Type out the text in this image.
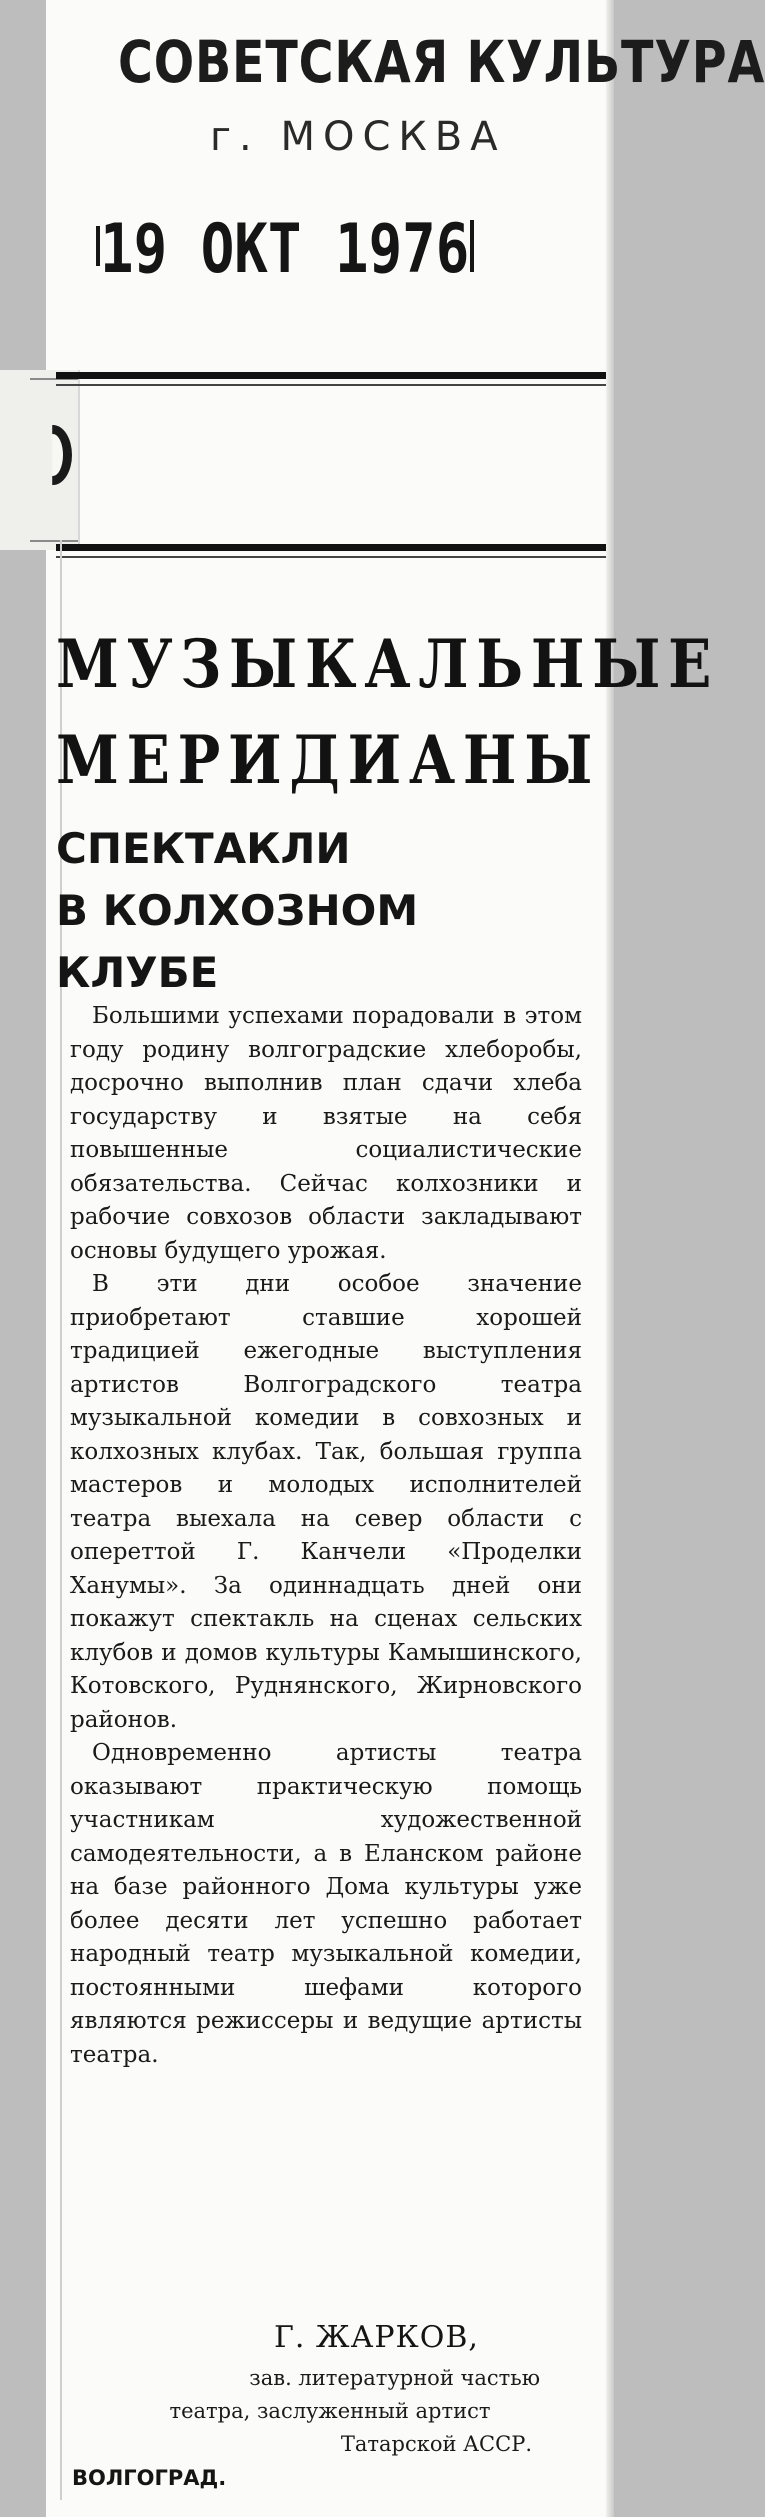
СОВЕТСКАЯ КУЛЬТУРА
г. МОСКВА
19 ОКТ 1976
МУЗЫКАЛЬНЫЕ
МЕРИДИАНЫ
СПЕКТАКЛИ
В КОЛХОЗНОМ
КЛУБЕ

Большими успехами порадовали в этом году родину волгоградские хлеборобы, досрочно выполнив план сдачи хлеба государству и взятые на себя повышенные социалистические обязательства. Сейчас колхозники и рабочие совхозов области закладывают основы будущего урожая.

В эти дни особое значение приобретают ставшие хорошей традицией ежегодные выступления артистов Волгоградского театра музыкальной комедии в совхозных и колхозных клубах. Так, большая группа мастеров и молодых исполнителей театра выехала на север области с опереттой Г. Канчели «Проделки Ханумы». За одиннадцать дней они покажут спектакль на сценах сельских клубов и домов культуры Камышинского, Котовского, Руднянского, Жирновского районов.

Одновременно артисты театра оказывают практическую помощь участникам художественной самодеятельности, а в Еланском районе на базе районного Дома культуры уже более десяти лет успешно работает народный театр музыкальной комедии, постоянными шефами которого являются режиссеры и ведущие артисты театра.

Г. ЖАРКОВ,
зав. литературной частью
театра, заслуженный артист
Татарской АССР.
ВОЛГОГРАД.
